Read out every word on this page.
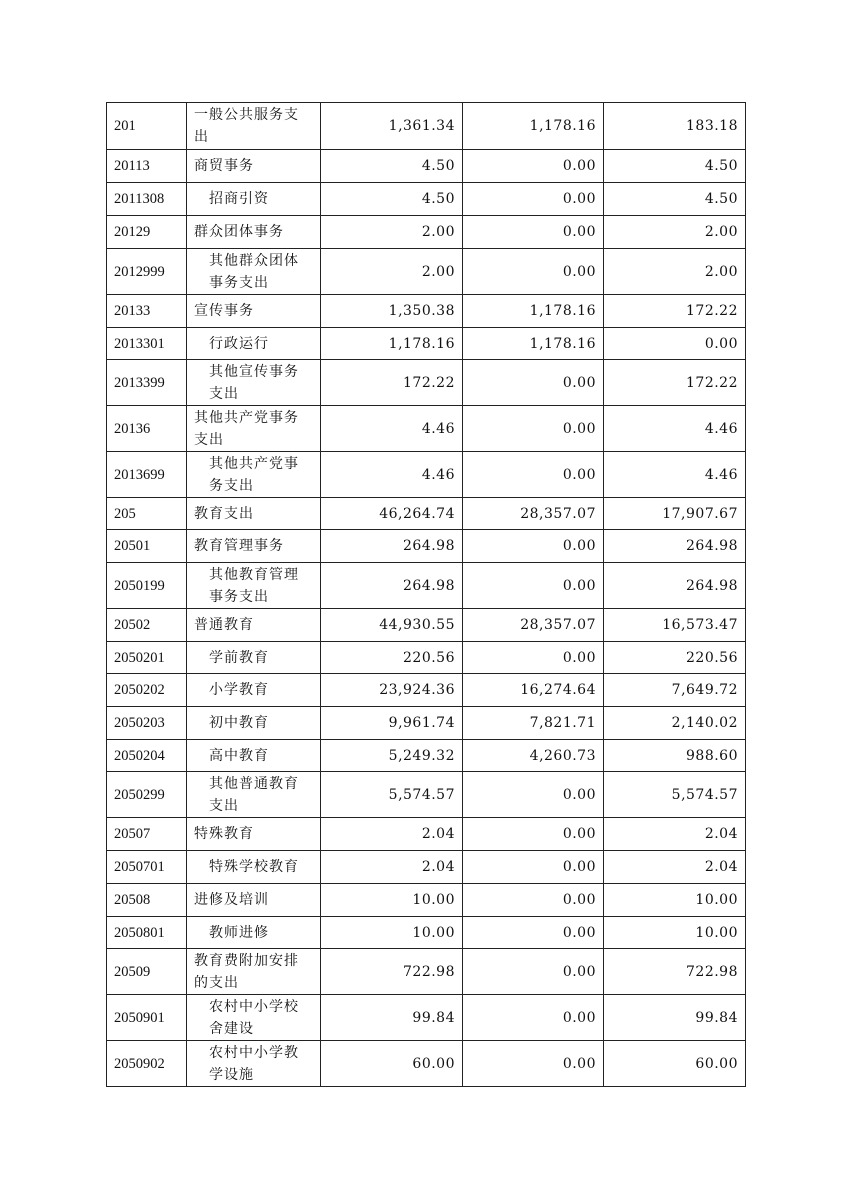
201	一般公共服务支出	1,361.34	1,178.16	183.18
20113	商贸事务	4.50	0.00	4.50
2011308	招商引资	4.50	0.00	4.50
20129	群众团体事务	2.00	0.00	2.00
2012999	其他群众团体事务支出	2.00	0.00	2.00
20133	宣传事务	1,350.38	1,178.16	172.22
2013301	行政运行	1,178.16	1,178.16	0.00
2013399	其他宣传事务支出	172.22	0.00	172.22
20136	其他共产党事务支出	4.46	0.00	4.46
2013699	其他共产党事务支出	4.46	0.00	4.46
205	教育支出	46,264.74	28,357.07	17,907.67
20501	教育管理事务	264.98	0.00	264.98
2050199	其他教育管理事务支出	264.98	0.00	264.98
20502	普通教育	44,930.55	28,357.07	16,573.47
2050201	学前教育	220.56	0.00	220.56
2050202	小学教育	23,924.36	16,274.64	7,649.72
2050203	初中教育	9,961.74	7,821.71	2,140.02
2050204	高中教育	5,249.32	4,260.73	988.60
2050299	其他普通教育支出	5,574.57	0.00	5,574.57
20507	特殊教育	2.04	0.00	2.04
2050701	特殊学校教育	2.04	0.00	2.04
20508	进修及培训	10.00	0.00	10.00
2050801	教师进修	10.00	0.00	10.00
20509	教育费附加安排的支出	722.98	0.00	722.98
2050901	农村中小学校舍建设	99.84	0.00	99.84
2050902	农村中小学教学设施	60.00	0.00	60.00
